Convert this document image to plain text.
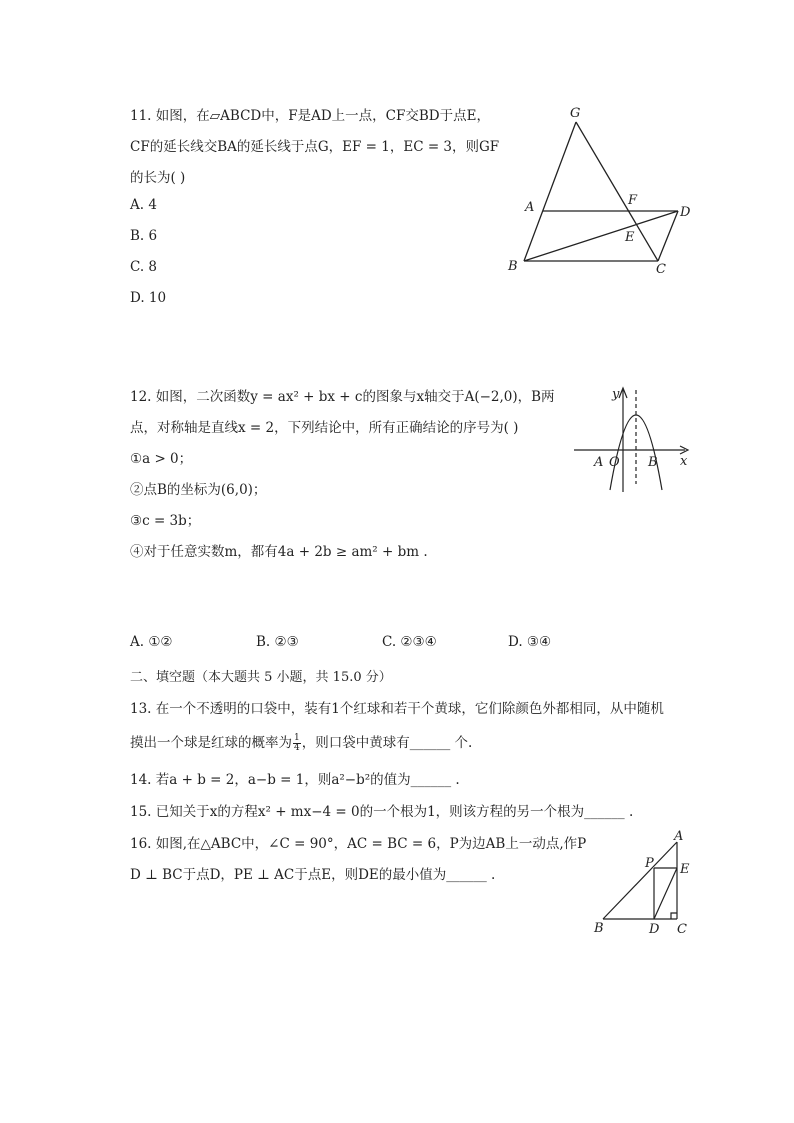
11. 如图，在▱ABCD中，F是AD上一点，CF交BD于点E，
CF的延长线交BA的延长线于点G，EF = 1，EC = 3，则GF
的长为( )
A. 4
B. 6
C. 8
D. 10
G
A	F
D
E
B	C
12. 如图，二次函数y = ax² + bx + c的图象与x轴交于A(−2,0)，B两
点，对称轴是直线x = 2，下列结论中，所有正确结论的序号为( )
①a > 0；
②点B的坐标为(6,0)；
③c = 3b；
④对于任意实数m，都有4a + 2b ≥ am² + bm .
y
x
A O B
A. ①②	B. ②③	C. ②③④	D. ③④
二、填空题（本大题共 5 小题，共 15.0 分）
13. 在一个不透明的口袋中，装有1个红球和若干个黄球，它们除颜色外都相同，从中随机
摸出一个球是红球的概率为 $\frac{1}{4}$ ，则口袋中黄球有______ 个.
14. 若a + b = 2，a−b = 1，则a²−b²的值为______ .
15. 已知关于x的方程x² + mx−4 = 0的一个根为1，则该方程的另一个根为______ .
16. 如图,在△ABC中，∠C = 90°，AC = BC = 6，P为边AB上一动点,作P
D ⊥ BC于点D，PE ⊥ AC于点E，则DE的最小值为______ .
A
P E
B	D C
